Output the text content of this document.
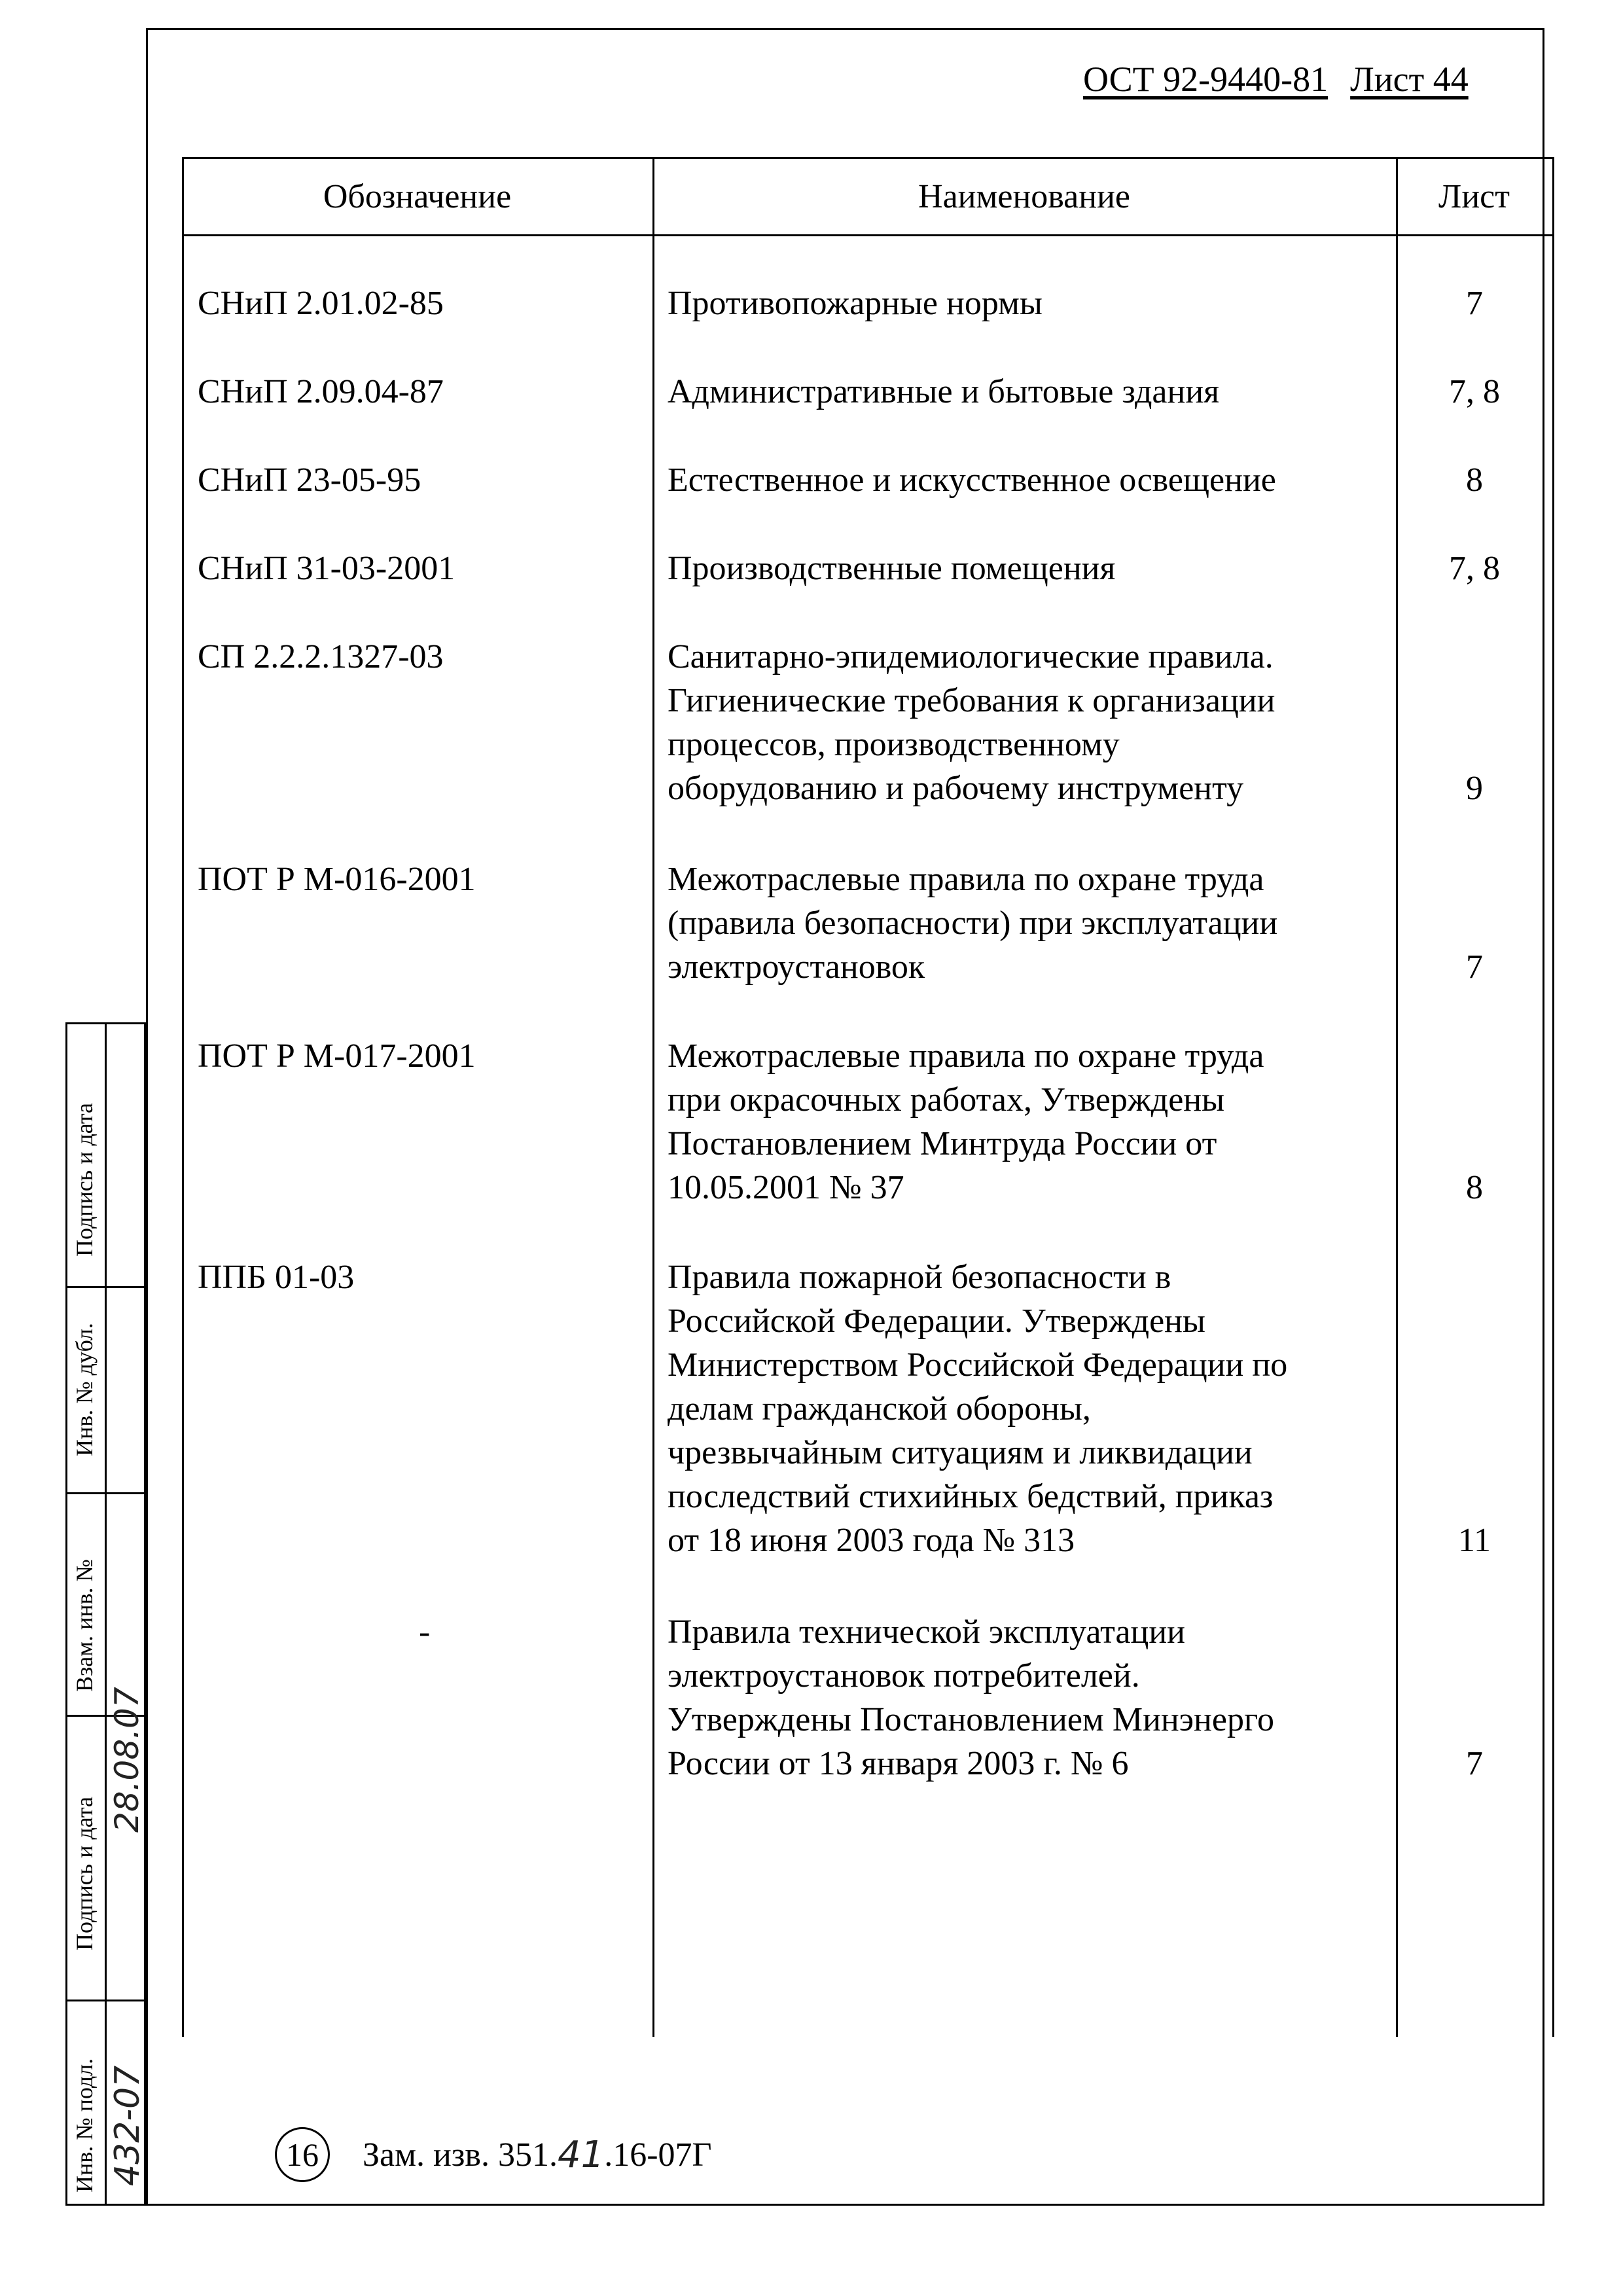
ОСТ 92-9440-81 Лист 44
Обозначение	Наименование	Лист
СНиП 2.01.02-85	Противопожарные нормы	7
СНиП 2.09.04-87	Административные и бытовые здания	7, 8
СНиП 23-05-95	Естественное и искусственное освещение	8
СНиП 31-03-2001	Производственные помещения	7, 8
СП 2.2.2.1327-03	Санитарно-эпидемиологические правила.
Гигиенические требования к организации
процессов, производственному
оборудованию и рабочему инструменту	9
ПОТ Р М-016-2001	Межотраслевые правила по охране труда
(правила безопасности) при эксплуатации
электроустановок	7
ПОТ Р М-017-2001	Межотраслевые правила по охране труда
при окрасочных работах, Утверждены
Постановлением Минтруда России от
10.05.2001 № 37	8
ППБ 01-03	Правила пожарной безопасности в
Российской Федерации. Утверждены
Министерством Российской Федерации по
делам гражданской обороны,
чрезвычайным ситуациям и ликвидации
последствий стихийных бедствий, приказ
от 18 июня 2003 года № 313	11
-	Правила технической эксплуатации
электроустановок потребителей.
Утверждены Постановлением Минэнерго
России от 13 января 2003 г. № 6	7
Подпись и дата
Инв. № дубл.
Взам. инв. №
Подпись и дата
Инв. № подл.
28.08.07
432-07	16	Зам. изв. 351. 41 .16-07Г
